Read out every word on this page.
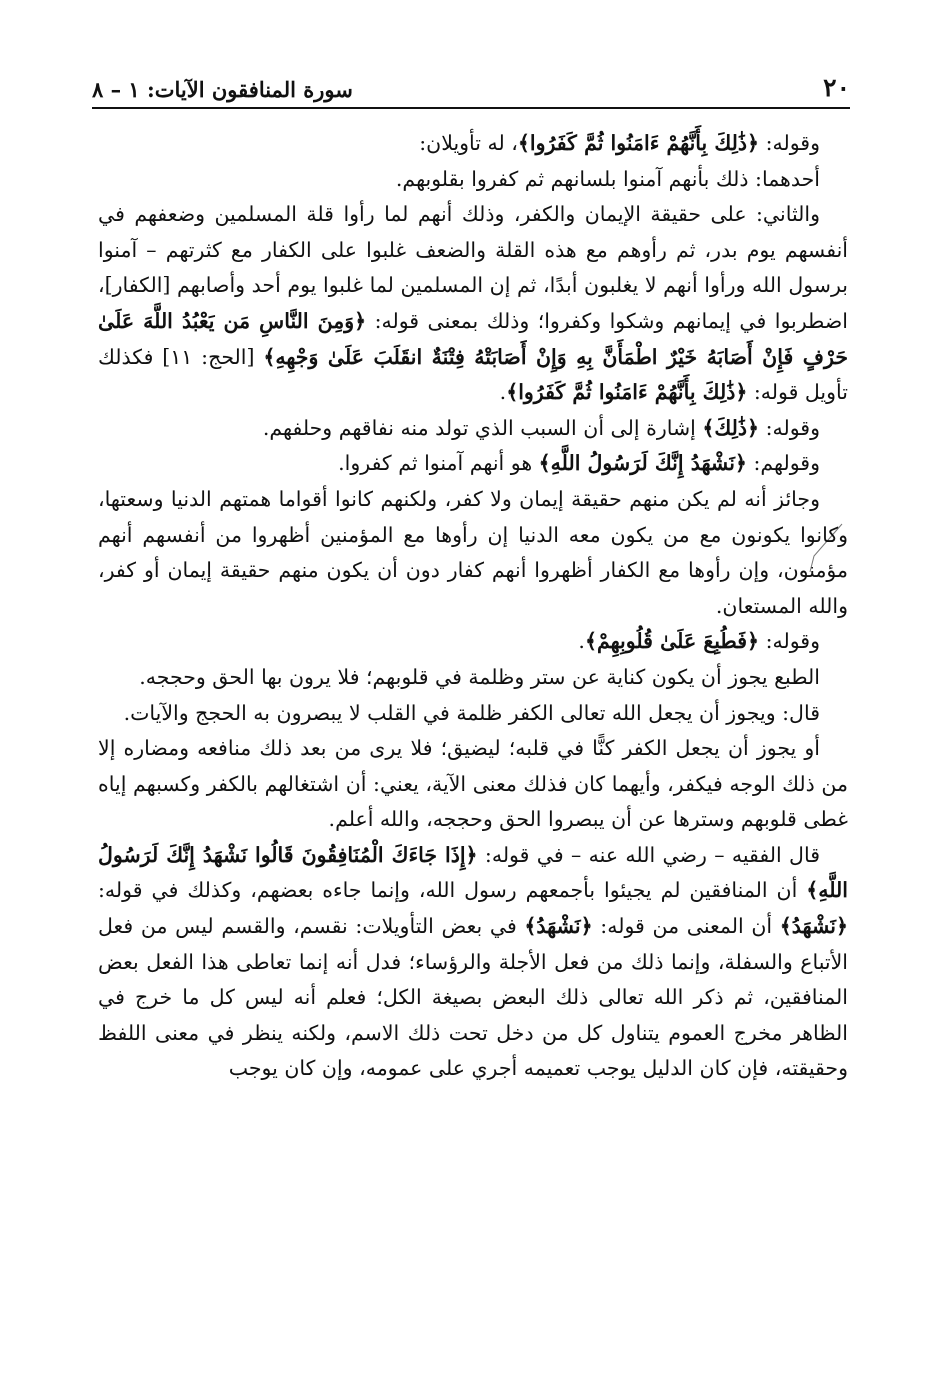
٢٠
سورة المنافقون الآيات: ١ – ٨

وقوله: ﴿ذَٰلِكَ بِأَنَّهُمْ ءَامَنُوا ثُمَّ كَفَرُوا﴾، له تأويلان:

أحدهما: ذلك بأنهم آمنوا بلسانهم ثم كفروا بقلوبهم.

والثاني: على حقيقة الإيمان والكفر، وذلك أنهم لما رأوا قلة المسلمين وضعفهم في أنفسهم يوم بدر، ثم رأوهم مع هذه القلة والضعف غلبوا على الكفار مع كثرتهم – آمنوا برسول الله ورأوا أنهم لا يغلبون أبدًا، ثم إن المسلمين لما غلبوا يوم أحد وأصابهم [الكفار]، اضطربوا في إيمانهم وشكوا وكفروا؛ وذلك بمعنى قوله: ﴿وَمِنَ النَّاسِ مَن يَعْبُدُ اللَّهَ عَلَىٰ حَرْفٍ فَإِنْ أَصَابَهُ خَيْرٌ اطْمَأَنَّ بِهِ وَإِنْ أَصَابَتْهُ فِتْنَةٌ انقَلَبَ عَلَىٰ وَجْهِهِ﴾ [الحج: ١١] فكذلك تأويل قوله: ﴿ذَٰلِكَ بِأَنَّهُمْ ءَامَنُوا ثُمَّ كَفَرُوا﴾.

وقوله: ﴿ذَٰلِكَ﴾ إشارة إلى أن السبب الذي تولد منه نفاقهم وحلفهم.

وقولهم: ﴿نَشْهَدُ إِنَّكَ لَرَسُولُ اللَّهِ﴾ هو أنهم آمنوا ثم كفروا.

وجائز أنه لم يكن منهم حقيقة إيمان ولا كفر، ولكنهم كانوا أقواما همتهم الدنيا وسعتها، وكانوا يكونون مع من يكون معه الدنيا إن رأوها مع المؤمنين أظهروا من أنفسهم أنهم مؤمنون، وإن رأوها مع الكفار أظهروا أنهم كفار دون أن يكون منهم حقيقة إيمان أو كفر، والله المستعان.

وقوله: ﴿فَطُبِعَ عَلَىٰ قُلُوبِهِمْ﴾.

الطبع يجوز أن يكون كناية عن ستر وظلمة في قلوبهم؛ فلا يرون بها الحق وحججه.

قال: ويجوز أن يجعل الله تعالى الكفر ظلمة في القلب لا يبصرون به الحجج والآيات.

أو يجوز أن يجعل الكفر كنًّا في قلبه؛ ليضيق؛ فلا يرى من بعد ذلك منافعه ومضاره إلا من ذلك الوجه فيكفر، وأيهما كان فذلك معنى الآية، يعني: أن اشتغالهم بالكفر وكسبهم إياه غطى قلوبهم وسترها عن أن يبصروا الحق وحججه، والله أعلم.

قال الفقيه – رضي الله عنه – في قوله: ﴿إِذَا جَاءَكَ الْمُنَافِقُونَ قَالُوا نَشْهَدُ إِنَّكَ لَرَسُولُ اللَّهِ﴾ أن المنافقين لم يجيئوا بأجمعهم رسول الله، وإنما جاءه بعضهم، وكذلك في قوله: ﴿نَشْهَدُ﴾ أن المعنى من قوله: ﴿نَشْهَدُ﴾ في بعض التأويلات: نقسم، والقسم ليس من فعل الأتباع والسفلة، وإنما ذلك من فعل الأجلة والرؤساء؛ فدل أنه إنما تعاطى هذا الفعل بعض المنافقين، ثم ذكر الله تعالى ذلك البعض بصيغة الكل؛ فعلم أنه ليس كل ما خرج في الظاهر مخرج العموم يتناول كل من دخل تحت ذلك الاسم، ولكنه ينظر في معنى اللفظ وحقيقته، فإن كان الدليل يوجب تعميمه أجري على عمومه، وإن كان يوجب
